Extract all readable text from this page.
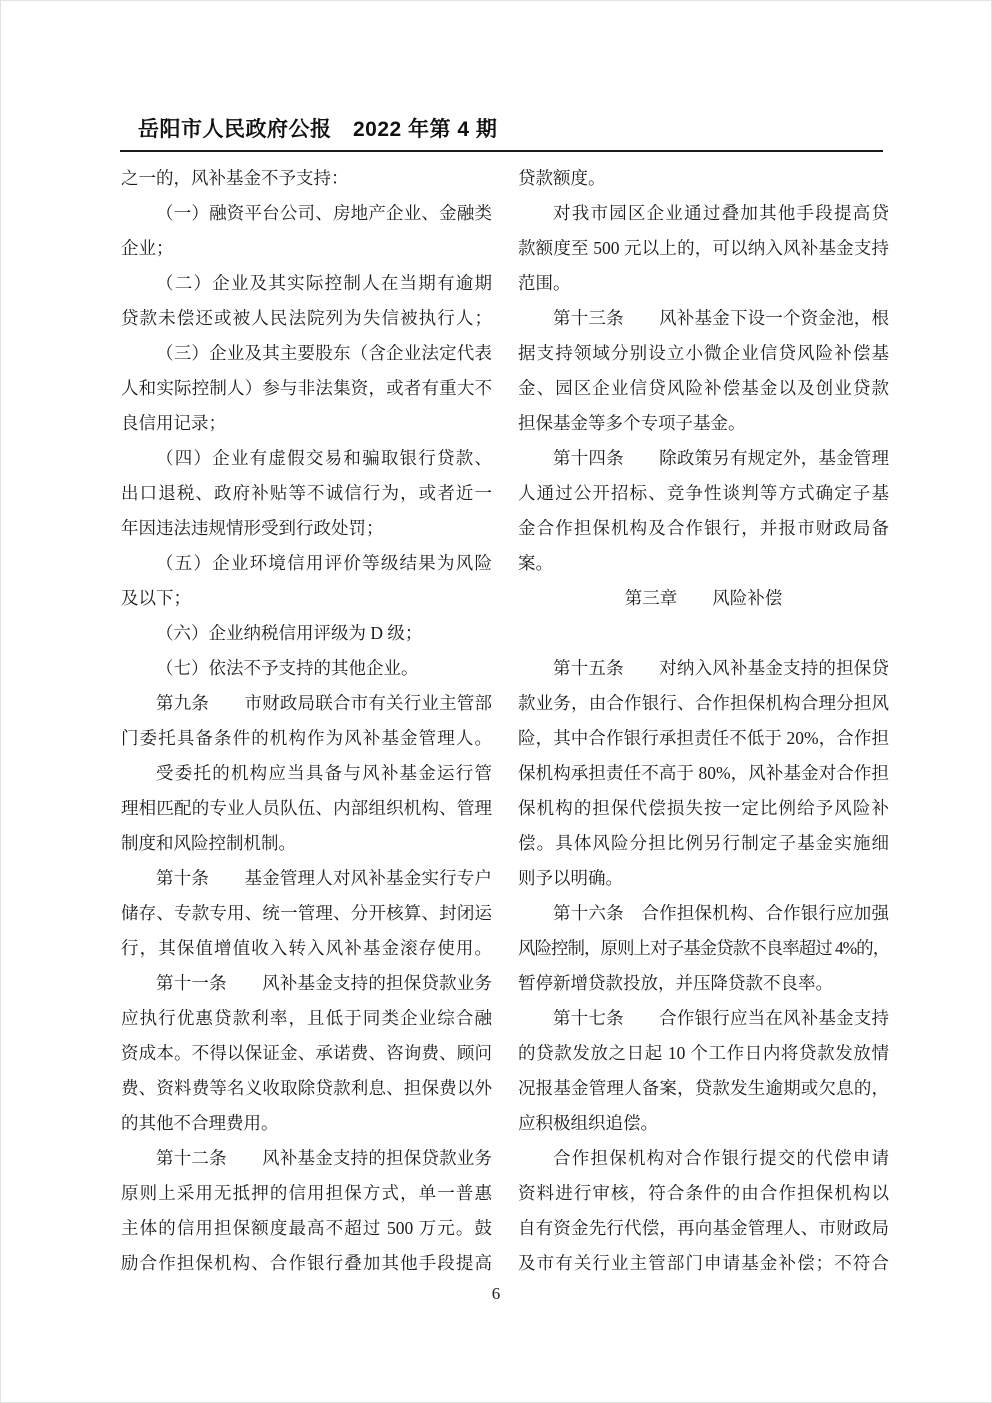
岳阳市人民政府公报　2022 年第 4 期
之一的，风补基金不予支持：
（一）融资平台公司、房地产企业、金融类
企业；
（二）企业及其实际控制人在当期有逾期
贷款未偿还或被人民法院列为失信被执行人；
（三）企业及其主要股东（含企业法定代表
人和实际控制人）参与非法集资，或者有重大不
良信用记录；
（四）企业有虚假交易和骗取银行贷款、
出口退税、政府补贴等不诚信行为，或者近一
年因违法违规情形受到行政处罚；
（五）企业环境信用评价等级结果为风险
及以下；
（六）企业纳税信用评级为 D 级；
（七）依法不予支持的其他企业。
第九条　　市财政局联合市有关行业主管部
门委托具备条件的机构作为风补基金管理人。
受委托的机构应当具备与风补基金运行管
理相匹配的专业人员队伍、内部组织机构、管理
制度和风险控制机制。
第十条　　基金管理人对风补基金实行专户
储存、专款专用、统一管理、分开核算、封闭运
行，其保值增值收入转入风补基金滚存使用。
第十一条　　风补基金支持的担保贷款业务
应执行优惠贷款利率，且低于同类企业综合融
资成本。不得以保证金、承诺费、咨询费、顾问
费、资料费等名义收取除贷款利息、担保费以外
的其他不合理费用。
第十二条　　风补基金支持的担保贷款业务
原则上采用无抵押的信用担保方式，单一普惠
主体的信用担保额度最高不超过 500 万元。鼓
励合作担保机构、合作银行叠加其他手段提高
贷款额度。
对我市园区企业通过叠加其他手段提高贷
款额度至 500 元以上的，可以纳入风补基金支持
范围。
第十三条　　风补基金下设一个资金池，根
据支持领域分别设立小微企业信贷风险补偿基
金、园区企业信贷风险补偿基金以及创业贷款
担保基金等多个专项子基金。
第十四条　　除政策另有规定外，基金管理
人通过公开招标、竞争性谈判等方式确定子基
金合作担保机构及合作银行，并报市财政局备
案。
第三章　　风险补偿
第十五条　　对纳入风补基金支持的担保贷
款业务，由合作银行、合作担保机构合理分担风
险，其中合作银行承担责任不低于 20%，合作担
保机构承担责任不高于 80%，风补基金对合作担
保机构的担保代偿损失按一定比例给予风险补
偿。具体风险分担比例另行制定子基金实施细
则予以明确。
第十六条　合作担保机构、合作银行应加强
风险控制，原则上对子基金贷款不良率超过 4%的，
暂停新增贷款投放，并压降贷款不良率。
第十七条　　合作银行应当在风补基金支持
的贷款发放之日起 10 个工作日内将贷款发放情
况报基金管理人备案，贷款发生逾期或欠息的，
应积极组织追偿。
合作担保机构对合作银行提交的代偿申请
资料进行审核，符合条件的由合作担保机构以
自有资金先行代偿，再向基金管理人、市财政局
及市有关行业主管部门申请基金补偿；不符合
6
